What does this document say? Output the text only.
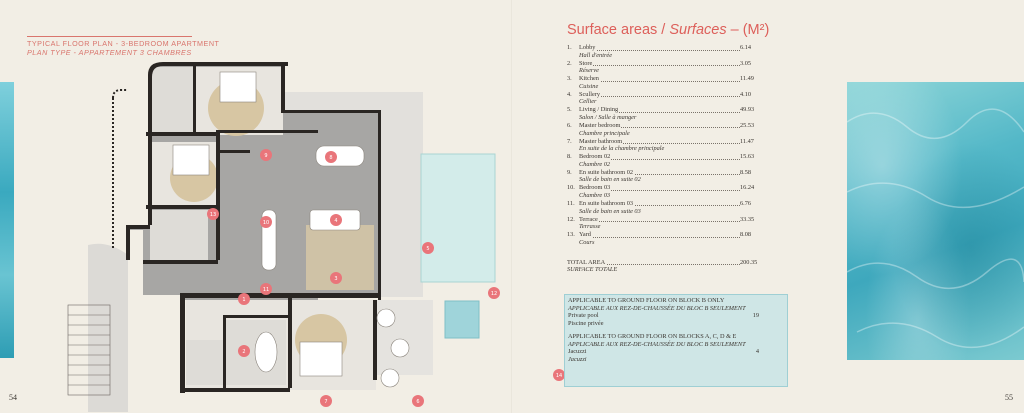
TYPICAL FLOOR PLAN - 3-BEDROOM APARTMENT
PLAN TYPE - APPARTEMENT 3 CHAMBRES
1
2
3
4
5
6
7
8
9
10
11
12
13
14
54
Surface areas / Surfaces – (M²)
1.	Lobby	6.14
Hall d'entrée
2.	Store	3.05
Réserve
3.	Kitchen	11.49
Cuisine
4.	Scullery	4.10
Cellier
5.	Living / Dining	49.93
Salon / Salle à manger
6.	Master bedroom	25.53
Chambre principale
7.	Master bathroom	11.47
En suite de la chambre principale
8.	Bedroom 02	15.63
Chambre 02
9.	En suite bathroom 02	8.58
Salle de bain en suite 02
10. Bedroom 03	16.24
Chambre 03
11. En suite bathroom 03	6.76
Salle de bain en suite 03
12. Terrace	33.35
Terrasse
13. Yard	8.08
Cours
TOTAL AREA	200.35
SURFACE TOTALE
APPLICABLE TO GROUND FLOOR ON BLOCK B ONLY
APPLICABLE AUX REZ-DE-CHAUSSÉE DU BLOC B SEULEMENT
Private pool	19
Piscine privée
APPLICABLE TO GROUND FLOOR ON BLOCKS A, C, D & E
APPLICABLE AUX REZ-DE-CHAUSSÉE DU BLOC B SEULEMENT
Jacuzzi	4
Jacuzzi
55
